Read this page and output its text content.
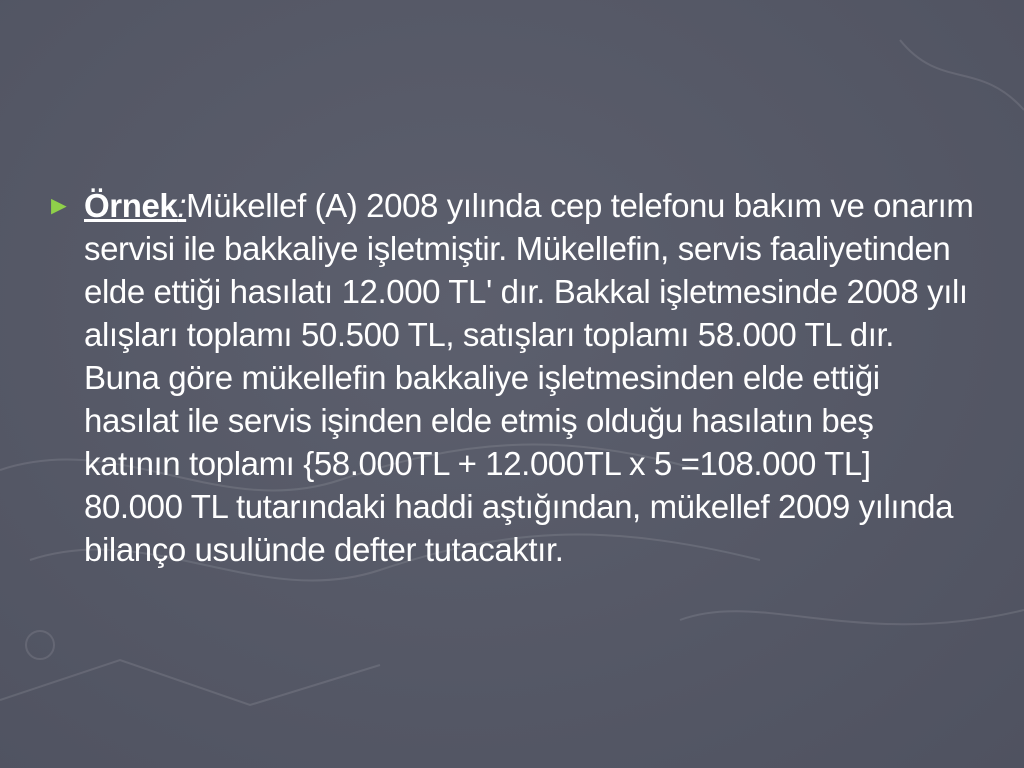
► Örnek:Mükellef (A) 2008 yılında cep telefonu bakım ve onarım servisi ile bakkaliye işletmiştir. Mükellefin, servis faaliyetinden elde ettiği hasılatı 12.000 TL' dır. Bakkal işletmesinde 2008 yılı alışları toplamı 50.500 TL, satışları toplamı 58.000 TL dır. Buna göre mükellefin bakkaliye işletmesinden elde ettiği hasılat ile servis işinden elde etmiş olduğu hasılatın beş katının toplamı {58.000TL + 12.000TL x 5 =108.000 TL] 80.000 TL tutarındaki haddi aştığından, mükellef 2009 yılında bilanço usulünde defter tutacaktır.
